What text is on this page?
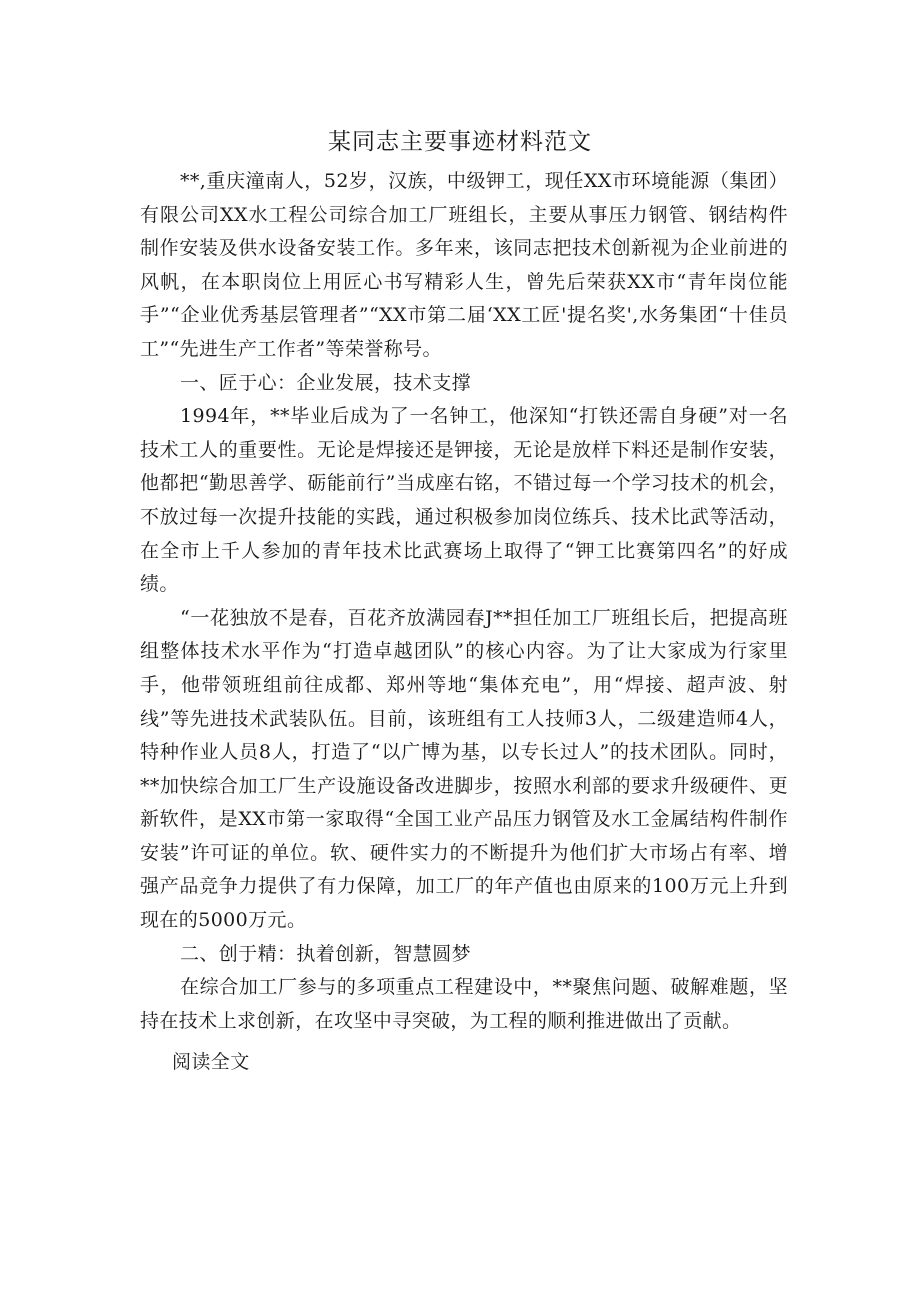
某同志主要事迹材料范文

**,重庆潼南人，52岁，汉族，中级钾工，现任XX市环境能源（集团）有限公司XX水工程公司综合加工厂班组长，主要从事压力钢管、钢结构件制作安装及供水设备安装工作。多年来，该同志把技术创新视为企业前进的风帆，在本职岗位上用匠心书写精彩人生，曾先后荣获XX市“青年岗位能手”“企业优秀基层管理者”“XX市第二届‘XX工匠'提名奖',水务集团“十佳员工”“先进生产工作者”等荣誉称号。

一、匠于心：企业发展，技术支撑

1994年，**毕业后成为了一名钟工，他深知“打铁还需自身硬”对一名技术工人的重要性。无论是焊接还是钾接，无论是放样下料还是制作安装，他都把“勤思善学、砺能前行”当成座右铭，不错过每一个学习技术的机会，不放过每一次提升技能的实践，通过积极参加岗位练兵、技术比武等活动，在全市上千人参加的青年技术比武赛场上取得了“钾工比赛第四名”的好成绩。

“一花独放不是春，百花齐放满园春J**担任加工厂班组长后，把提高班组整体技术水平作为“打造卓越团队”的核心内容。为了让大家成为行家里手，他带领班组前往成都、郑州等地“集体充电”，用“焊接、超声波、射线”等先进技术武装队伍。目前，该班组有工人技师3人，二级建造师4人，特种作业人员8人，打造了“以广博为基，以专长过人”的技术团队。同时，**加快综合加工厂生产设施设备改进脚步，按照水利部的要求升级硬件、更新软件，是XX市第一家取得“全国工业产品压力钢管及水工金属结构件制作安装”许可证的单位。软、硬件实力的不断提升为他们扩大市场占有率、增强产品竞争力提供了有力保障，加工厂的年产值也由原来的100万元上升到现在的5000万元。

二、创于精：执着创新，智慧圆梦

在综合加工厂参与的多项重点工程建设中，**聚焦问题、破解难题，坚持在技术上求创新，在攻坚中寻突破，为工程的顺利推进做出了贡献。

阅读全文
